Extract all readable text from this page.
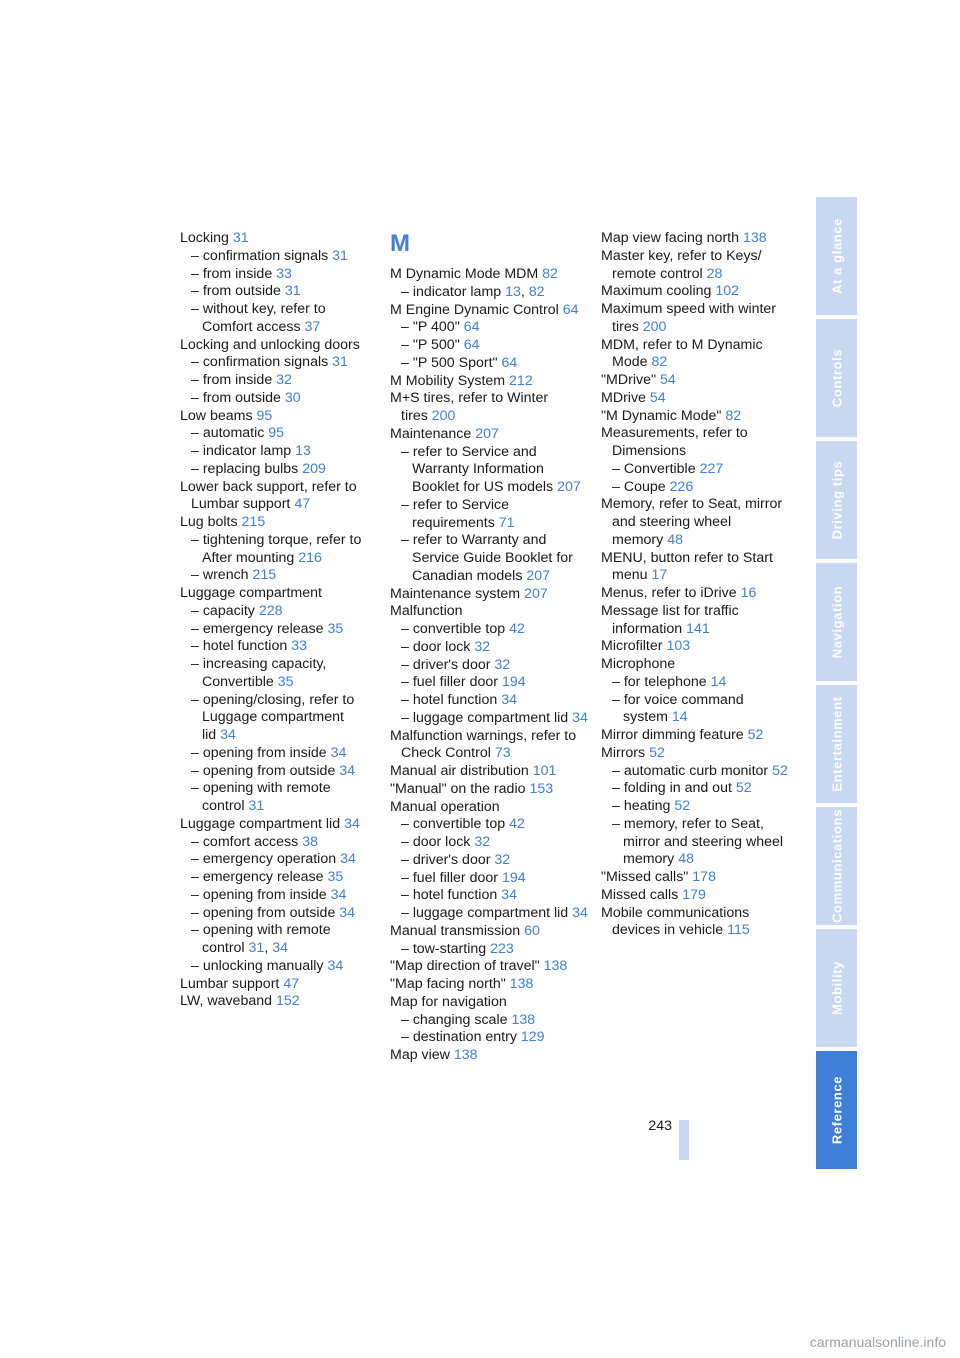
Locking 31
– confirmation signals 31
– from inside 33
– from outside 31
– without key, refer to Comfort access 37
Locking and unlocking doors
– confirmation signals 31
– from inside 32
– from outside 30
Low beams 95
– automatic 95
– indicator lamp 13
– replacing bulbs 209
Lower back support, refer to Lumbar support 47
Lug bolts 215
– tightening torque, refer to After mounting 216
– wrench 215
Luggage compartment
– capacity 228
– emergency release 35
– hotel function 33
– increasing capacity, Convertible 35
– opening/closing, refer to Luggage compartment lid 34
– opening from inside 34
– opening from outside 34
– opening with remote control 31
Luggage compartment lid 34
– comfort access 38
– emergency operation 34
– emergency release 35
– opening from inside 34
– opening from outside 34
– opening with remote control 31, 34
– unlocking manually 34
Lumbar support 47
LW, waveband 152
M
M Dynamic Mode MDM 82
– indicator lamp 13, 82
M Engine Dynamic Control 64
– "P 400" 64
– "P 500" 64
– "P 500 Sport" 64
M Mobility System 212
M+S tires, refer to Winter tires 200
Maintenance 207
– refer to Service and Warranty Information Booklet for US models 207
– refer to Service requirements 71
– refer to Warranty and Service Guide Booklet for Canadian models 207
Maintenance system 207
Malfunction
– convertible top 42
– door lock 32
– driver's door 32
– fuel filler door 194
– hotel function 34
– luggage compartment lid 34
Malfunction warnings, refer to Check Control 73
Manual air distribution 101
"Manual" on the radio 153
Manual operation
– convertible top 42
– door lock 32
– driver's door 32
– fuel filler door 194
– hotel function 34
– luggage compartment lid 34
Manual transmission 60
– tow-starting 223
"Map direction of travel" 138
"Map facing north" 138
Map for navigation
– changing scale 138
– destination entry 129
Map view 138
Map view facing north 138
Master key, refer to Keys/ remote control 28
Maximum cooling 102
Maximum speed with winter tires 200
MDM, refer to M Dynamic Mode 82
"MDrive" 54
MDrive 54
"M Dynamic Mode" 82
Measurements, refer to Dimensions
– Convertible 227
– Coupe 226
Memory, refer to Seat, mirror and steering wheel memory 48
MENU, button refer to Start menu 17
Menus, refer to iDrive 16
Message list for traffic information 141
Microfilter 103
Microphone
– for telephone 14
– for voice command system 14
Mirror dimming feature 52
Mirrors 52
– automatic curb monitor 52
– folding in and out 52
– heating 52
– memory, refer to Seat, mirror and steering wheel memory 48
"Missed calls" 178
Missed calls 179
Mobile communications devices in vehicle 115
At a glance
Controls
Driving tips
Navigation
Entertainment
Communications
Mobility
Reference
243
carmanualsonline.info
